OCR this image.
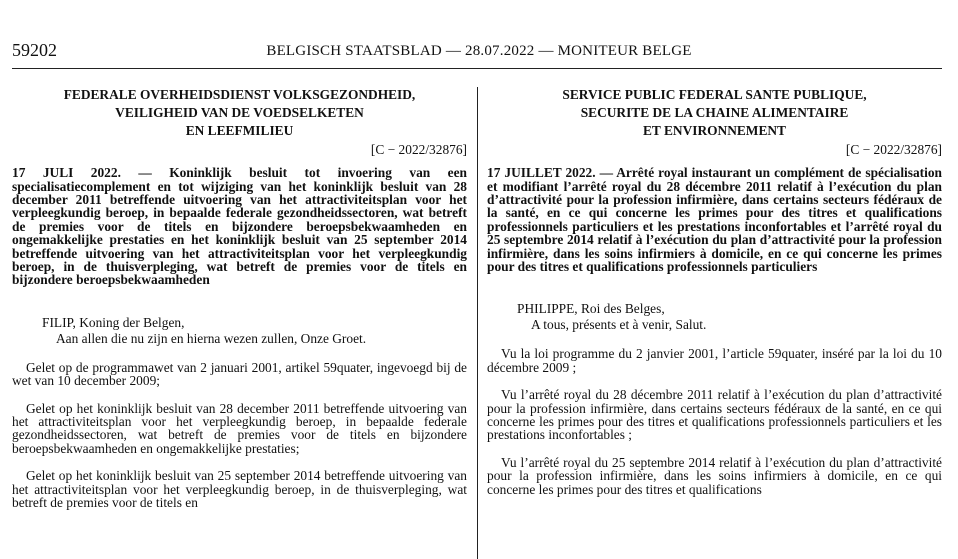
59202	BELGISCH STAATSBLAD — 28.07.2022 — MONITEUR BELGE
FEDERALE OVERHEIDSDIENST VOLKSGEZONDHEID,
VEILIGHEID VAN DE VOEDSELKETEN
EN LEEFMILIEU
[C − 2022/32876]
17 JULI 2022. — Koninklijk besluit tot invoering van een specialisatiecomplement en tot wijziging van het koninklijk besluit van 28 december 2011 betreffende uitvoering van het attractiviteitsplan voor het verpleegkundig beroep, in bepaalde federale gezondheidssectoren, wat betreft de premies voor de titels en bijzondere beroepsbekwaamheden en ongemakkelijke prestaties en het koninklijk besluit van 25 september 2014 betreffende uitvoering van het attractiviteitsplan voor het verpleegkundig beroep, in de thuisverpleging, wat betreft de premies voor de titels en bijzondere beroepsbekwaamheden
FILIP, Koning der Belgen,
Aan allen die nu zijn en hierna wezen zullen, Onze Groet.
Gelet op de programmawet van 2 januari 2001, artikel 59quater, ingevoegd bij de wet van 10 december 2009;
Gelet op het koninklijk besluit van 28 december 2011 betreffende uitvoering van het attractiviteitsplan voor het verpleegkundig beroep, in bepaalde federale gezondheidssectoren, wat betreft de premies voor de titels en bijzondere beroepsbekwaamheden en ongemakkelijke prestaties;
Gelet op het koninklijk besluit van 25 september 2014 betreffende uitvoering van het attractiviteitsplan voor het verpleegkundig beroep, in de thuisverpleging, wat betreft de premies voor de titels en
SERVICE PUBLIC FEDERAL SANTE PUBLIQUE,
SECURITE DE LA CHAINE ALIMENTAIRE
ET ENVIRONNEMENT
[C − 2022/32876]
17 JUILLET 2022. — Arrêté royal instaurant un complément de spécialisation et modifiant l’arrêté royal du 28 décembre 2011 relatif à l’exécution du plan d’attractivité pour la profession infirmière, dans certains secteurs fédéraux de la santé, en ce qui concerne les primes pour des titres et qualifications professionnels particuliers et les prestations inconfortables et l’arrêté royal du 25 septembre 2014 relatif à l’exécution du plan d’attractivité pour la profession infirmière, dans les soins infirmiers à domicile, en ce qui concerne les primes pour des titres et qualifications professionnels particuliers
PHILIPPE, Roi des Belges,
A tous, présents et à venir, Salut.
Vu la loi programme du 2 janvier 2001, l’article 59quater, inséré par la loi du 10 décembre 2009 ;
Vu l’arrêté royal du 28 décembre 2011 relatif à l’exécution du plan d’attractivité pour la profession infirmière, dans certains secteurs fédéraux de la santé, en ce qui concerne les primes pour des titres et qualifications professionnels particuliers et les prestations inconfortables ;
Vu l’arrêté royal du 25 septembre 2014 relatif à l’exécution du plan d’attractivité pour la profession infirmière, dans les soins infirmiers à domicile, en ce qui concerne les primes pour des titres et qualifications
